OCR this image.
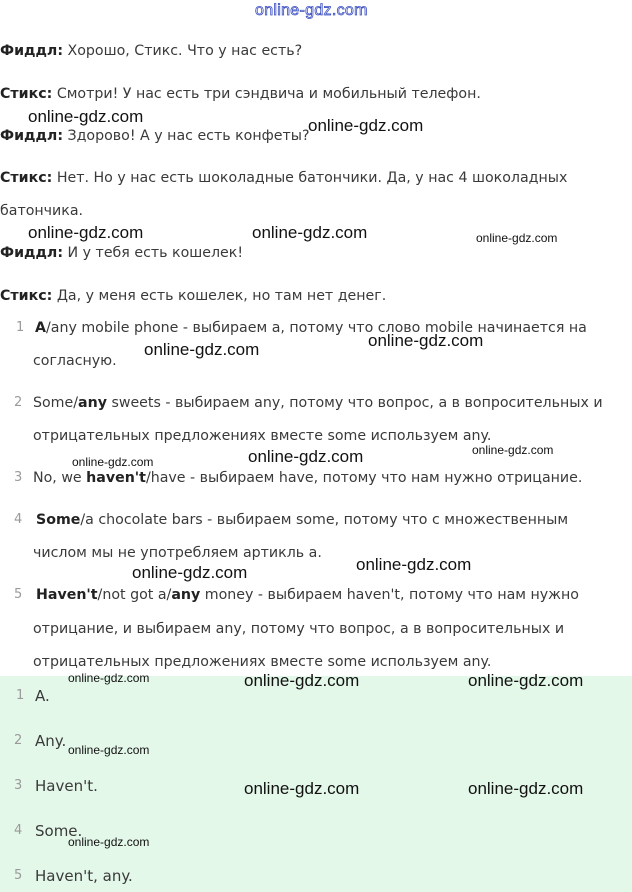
online-gdz.com
Фиддл: Хорошо, Стикс. Что у нас есть?
Стикс: Смотри! У нас есть три сэндвича и мобильный телефон.
Фиддл: Здорово! А у нас есть конфеты?
Стикс: Нет. Но у нас есть шоколадные батончики. Да, у нас 4 шоколадных
батончика.
Фиддл: И у тебя есть кошелек!
Стикс: Да, у меня есть кошелек, но там нет денег.
1 A/any mobile phone - выбираем a, потому что слово mobile начинается на
согласную.
2 Some/any sweets - выбираем any, потому что вопрос, а в вопросительных и
отрицательных предложениях вместе some используем any.
3 No, we haven't/have - выбираем have, потому что нам нужно отрицание.
4 Some/a chocolate bars - выбираем some, потому что с множественным
числом мы не употребляем артикль a.
5 Haven't/not got a/any money - выбираем haven't, потому что нам нужно
отрицание, и выбираем any, потому что вопрос, а в вопросительных и
отрицательных предложениях вместе some используем any.
1 A.
2 Any.
3 Haven't.
4 Some.
5 Haven't, any.
online-gdz.com	online-gdz.com
online-gdz.com	online-gdz.com	online-gdz.com
online-gdz.com	online-gdz.com
online-gdz.com	online-gdz.com	online-gdz.com
online-gdz.com	online-gdz.com
online-gdz.com	online-gdz.com	online-gdz.com
online-gdz.com
online-gdz.com	online-gdz.com
online-gdz.com
